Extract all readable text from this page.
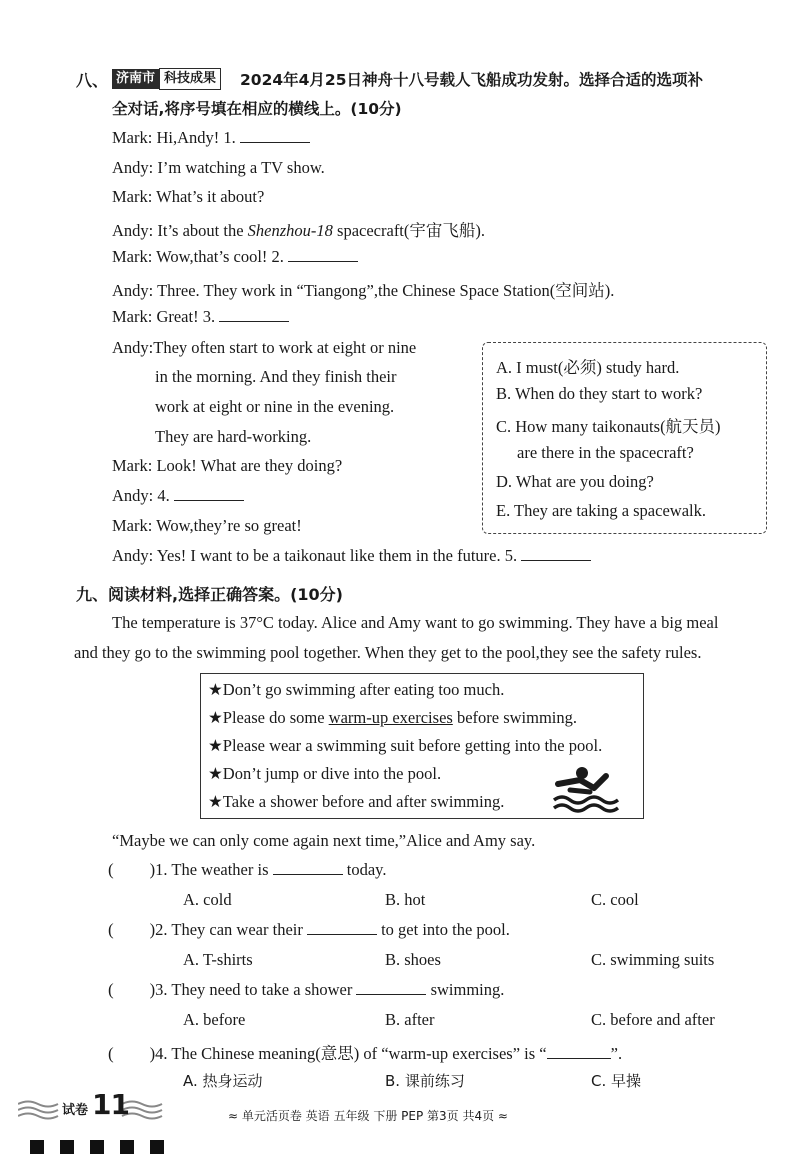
八、 济南市 科技成果	2024年4月25日神舟十八号载人飞船成功发射。选择合适的选项补
全对话,将序号填在相应的横线上。(10分)
Mark: Hi,Andy! 1.
Andy: I’m watching a TV show.
Mark: What’s it about?
Andy: It’s about the Shenzhou-18 spacecraft(宇宙飞船).
Mark: Wow,that’s cool! 2.
Andy: Three. They work in “Tiangong”,the Chinese Space Station(空间站).
Mark: Great! 3.
Andy:They often start to work at eight or nine
in the morning. And they finish their
work at eight or nine in the evening.
They are hard-working.
Mark: Look! What are they doing?
Andy: 4.
Mark: Wow,they’re so great!
Andy: Yes! I want to be a taikonaut like them in the future. 5.
A. I must(必须) study hard.
B. When do they start to work?
C. How many taikonauts(航天员)
are there in the spacecraft?
D. What are you doing?
E. They are taking a spacewalk.
九、阅读材料,选择正确答案。(10分)
The temperature is 37°C today. Alice and Amy want to go swimming. They have a big meal
and they go to the swimming pool together. When they get to the pool,they see the safety rules.
★Don’t go swimming after eating too much.
★Please do some warm-up exercises before swimming.
★Please wear a swimming suit before getting into the pool.
★Don’t jump or dive into the pool.
★Take a shower before and after swimming.
“Maybe we can only come again next time,”Alice and Amy say.
( )1. The weather is	today.
A. cold	B. hot	C. cool
( )2. They can wear their	to get into the pool.
A. T-shirts	B. shoes	C. swimming suits
( )3. They need to take a shower	swimming.
A. before	B. after	C. before and after
( )4. The Chinese meaning(意思) of “warm-up exercises” is “	”.
A. 热身运动	B. 课前练习	C. 早操
试卷 11	≈ 单元活页卷 英语 五年级 下册 PEP 第3页 共4页 ≈
